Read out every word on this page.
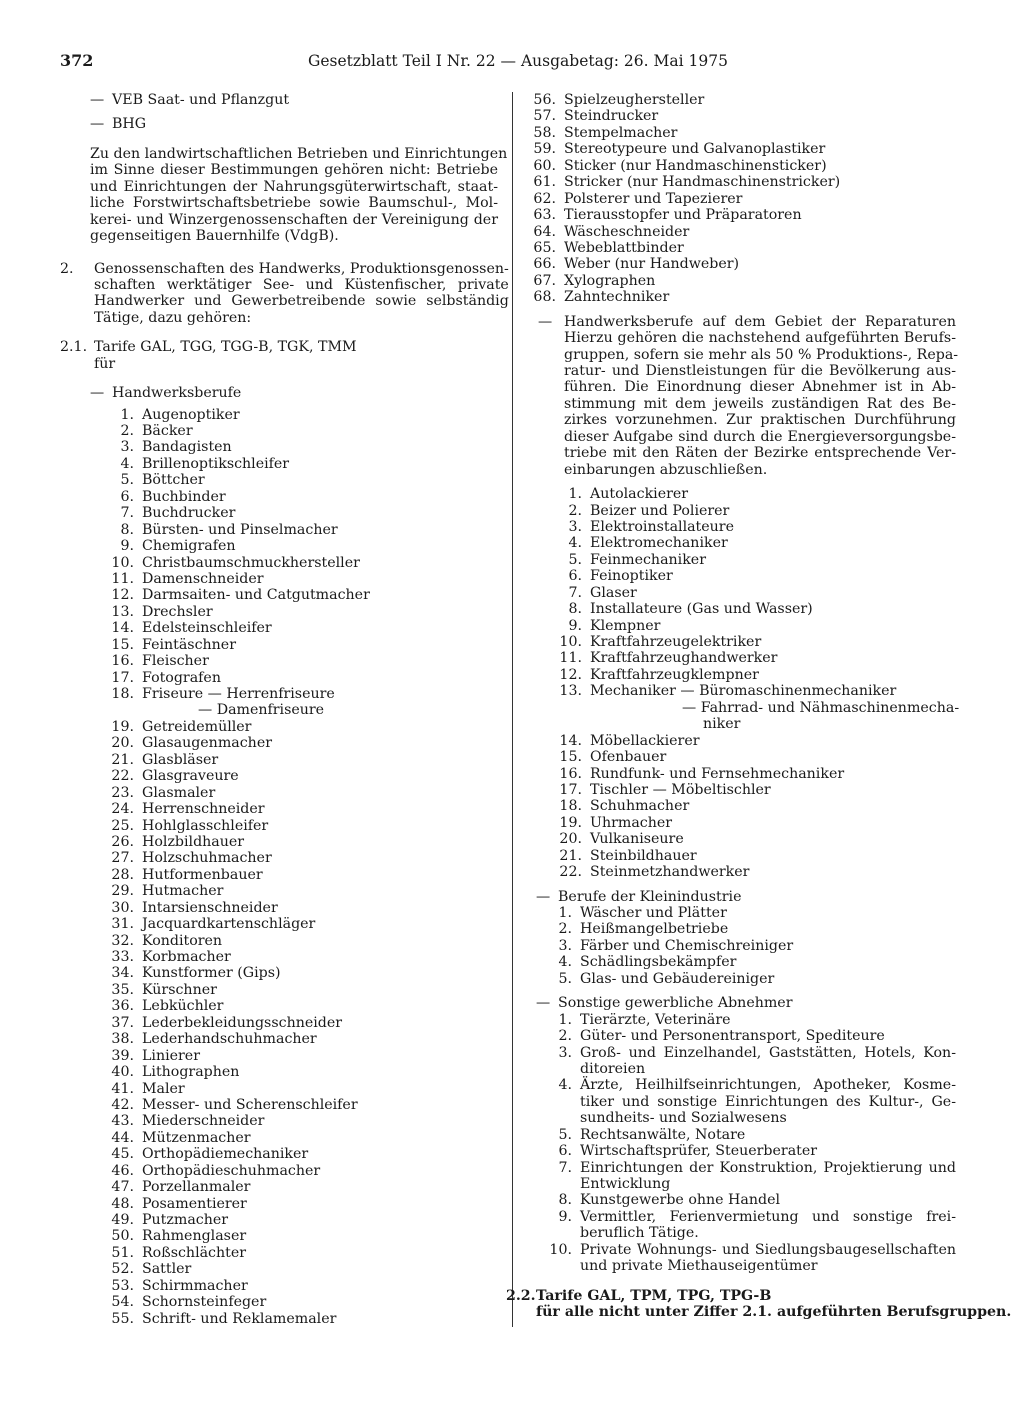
372	Gesetzblatt Teil I Nr. 22 — Ausgabetag: 26. Mai 1975
— VEB Saat- und Pflanzgut
— BHG
Zu den landwirtschaftlichen Betrieben und Einrichtungen
im Sinne dieser Bestimmungen gehören nicht: Betriebe
und Einrichtungen der Nahrungsgüterwirtschaft, staat-
liche Forstwirtschaftsbetriebe sowie Baumschul-, Mol-
kerei- und Winzergenossenschaften der Vereinigung der
gegenseitigen Bauernhilfe (VdgB).
2.	Genossenschaften des Handwerks, Produktionsgenossen-
schaften werktätiger See- und Küstenfischer, private
Handwerker und Gewerbetreibende sowie selbständig
Tätige, dazu gehören:
2.1. Tarife GAL, TGG, TGG-B, TGK, TMM
für
— Handwerksberufe
1. Augenoptiker
2. Bäcker
3. Bandagisten
4. Brillenoptikschleifer
5. Böttcher
6. Buchbinder
7. Buchdrucker
8. Bürsten- und Pinselmacher
9. Chemigrafen
10. Christbaumschmuckhersteller
11. Damenschneider
12. Darmsaiten- und Catgutmacher
13. Drechsler
14. Edelsteinschleifer
15. Feintäschner
16. Fleischer
17. Fotografen
18. Friseure — Herrenfriseure
— Damenfriseure
19. Getreidemüller
20. Glasaugenmacher
21. Glasbläser
22. Glasgraveure
23. Glasmaler
24. Herrenschneider
25. Hohlglasschleifer
26. Holzbildhauer
27. Holzschuhmacher
28. Hutformenbauer
29. Hutmacher
30. Intarsienschneider
31. Jacquardkartenschläger
32. Konditoren
33. Korbmacher
34. Kunstformer (Gips)
35. Kürschner
36. Lebküchler
37. Lederbekleidungsschneider
38. Lederhandschuhmacher
39. Linierer
40. Lithographen
41. Maler
42. Messer- und Scherenschleifer
43. Miederschneider
44. Mützenmacher
45. Orthopädiemechaniker
46. Orthopädieschuhmacher
47. Porzellanmaler
48. Posamentierer
49. Putzmacher
50. Rahmenglaser
51. Roßschlächter
52. Sattler
53. Schirmmacher
54. Schornsteinfeger
55. Schrift- und Reklamemaler
56. Spielzeughersteller
57. Steindrucker
58. Stempelmacher
59. Stereotypeure und Galvanoplastiker
60. Sticker (nur Handmaschinensticker)
61. Stricker (nur Handmaschinenstricker)
62. Polsterer und Tapezierer
63. Tierausstopfer und Präparatoren
64. Wäscheschneider
65. Webeblattbinder
66. Weber (nur Handweber)
67. Xylographen
68. Zahntechniker
— Handwerksberufe auf dem Gebiet der Reparaturen
Hierzu gehören die nachstehend aufgeführten Berufs-
gruppen, sofern sie mehr als 50 % Produktions-, Repa-
ratur- und Dienstleistungen für die Bevölkerung aus-
führen. Die Einordnung dieser Abnehmer ist in Ab-
stimmung mit dem jeweils zuständigen Rat des Be-
zirkes vorzunehmen. Zur praktischen Durchführung
dieser Aufgabe sind durch die Energieversorgungsbe-
triebe mit den Räten der Bezirke entsprechende Ver-
einbarungen abzuschließen.
1. Autolackierer
2. Beizer und Polierer
3. Elektroinstallateure
4. Elektromechaniker
5. Feinmechaniker
6. Feinoptiker
7. Glaser
8. Installateure (Gas und Wasser)
9. Klempner
10. Kraftfahrzeugelektriker
11. Kraftfahrzeughandwerker
12. Kraftfahrzeugklempner
13. Mechaniker — Büromaschinenmechaniker
— Fahrrad- und Nähmaschinenmecha-
niker
14. Möbellackierer
15. Ofenbauer
16. Rundfunk- und Fernsehmechaniker
17. Tischler — Möbeltischler
18. Schuhmacher
19. Uhrmacher
20. Vulkaniseure
21. Steinbildhauer
22. Steinmetzhandwerker
— Berufe der Kleinindustrie
1. Wäscher und Plätter
2. Heißmangelbetriebe
3. Färber und Chemischreiniger
4. Schädlingsbekämpfer
5. Glas- und Gebäudereiniger
— Sonstige gewerbliche Abnehmer
1. Tierärzte, Veterinäre
2. Güter- und Personentransport, Spediteure
3. Groß- und Einzelhandel, Gaststätten, Hotels, Kon-
ditoreien
4. Ärzte, Heilhilfseinrichtungen, Apotheker, Kosme-
tiker und sonstige Einrichtungen des Kultur-, Ge-
sundheits- und Sozialwesens
5. Rechtsanwälte, Notare
6. Wirtschaftsprüfer, Steuerberater
7. Einrichtungen der Konstruktion, Projektierung und
Entwicklung
8. Kunstgewerbe ohne Handel
9. Vermittler, Ferienvermietung und sonstige frei-
beruflich Tätige.
10. Private Wohnungs- und Siedlungsbaugesellschaften
und private Miethauseigentümer
2.2. Tarife GAL, TPM, TPG, TPG-B
für alle nicht unter Ziffer 2.1. aufgeführten Berufsgruppen.
